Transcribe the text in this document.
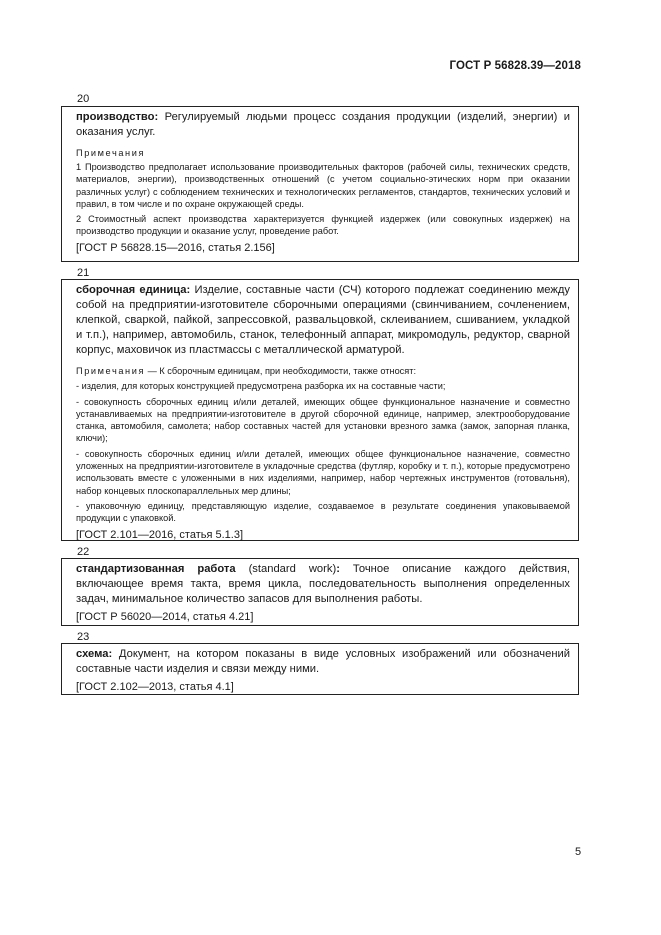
ГОСТ Р 56828.39—2018
20

производство: Регулируемый людьми процесс создания продукции (изделий, энергии) и оказания услуг.

Примечания

1 Производство предполагает использование производительных факторов (рабочей силы, технических средств, материалов, энергии), производственных отношений (с учетом социально-этических норм при оказании различных услуг) с соблюдением технических и технологических регламентов, стандартов, технических условий и правил, в том числе и по охране окружающей среды.

2 Стоимостный аспект производства характеризуется функцией издержек (или совокупных издержек) на производство продукции и оказание услуг, проведение работ.

[ГОСТ Р 56828.15—2016, статья 2.156]

21

сборочная единица: Изделие, составные части (СЧ) которого подлежат соединению между собой на предприятии-изготовителе сборочными операциями (свинчиванием, сочленением, клепкой, сваркой, пайкой, запрессовкой, развальцовкой, склеиванием, сшиванием, укладкой и т.п.), например, автомобиль, станок, телефонный аппарат, микромодуль, редуктор, сварной корпус, маховичок из пластмассы с металлической арматурой.

Примечания — К сборочным единицам, при необходимости, также относят:

- изделия, для которых конструкцией предусмотрена разборка их на составные части;

- совокупность сборочных единиц и/или деталей, имеющих общее функциональное назначение и совместно устанавливаемых на предприятии-изготовителе в другой сборочной единице, например, электрооборудование станка, автомобиля, самолета; набор составных частей для установки врезного замка (замок, запорная планка, ключи);

- совокупность сборочных единиц и/или деталей, имеющих общее функциональное назначение, совместно уложенных на предприятии-изготовителе в укладочные средства (футляр, коробку и т. п.), которые предусмотрено использовать вместе с уложенными в них изделиями, например, набор чертежных инструментов (готовальня), набор концевых плоскопараллельных мер длины;

- упаковочную единицу, представляющую изделие, создаваемое в результате соединения упаковываемой продукции с упаковкой.

[ГОСТ 2.101—2016, статья 5.1.3]

22

стандартизованная работа (standard work): Точное описание каждого действия, включающее время такта, время цикла, последовательность выполнения определенных задач, минимальное количество запасов для выполнения работы.

[ГОСТ Р 56020—2014, статья 4.21]

23

схема: Документ, на котором показаны в виде условных изображений или обозначений составные части изделия и связи между ними.

[ГОСТ 2.102—2013, статья 4.1]

5
